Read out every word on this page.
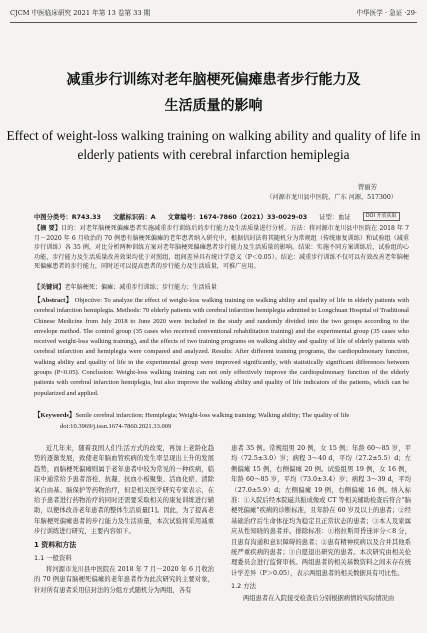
CJCM 中医临床研究 2021 年第 13 卷第 33 期	中华医学 · 急证 ·29·
减重步行训练对老年脑梗死偏瘫患者步行能力及
生活质量的影响
Effect of weight-loss walking training on walking ability and quality of life in
elderly patients with cerebral infarction hemiplegia
曾丽芳
（河源市龙川县中医院，广东 河源，517300）
中图分类号：R743.33 文献标识码：A 文章编号：1674-7860（2021）33-0029-03 证型：血证	DOI 开放获取

【摘 要】目的：对老年脑梗死偏瘫患者实施减重步行训练后的步行能力及生活质量进行分析。方法：将河源市龙川县中医院在 2018 年 7 月－2020 年 6 月收治的 70 例患有脑梗死偏瘫的老年患者纳入研究中，根据信封法将其随机分为常规组（传统康复训练）和试验组（减重步行训练）各 35 例，对比分析两种训练方案对老年脑梗死偏瘫患者步行能力及生活质量的影响。结果：实施不同方案训练后，试验组的心功能、步行能力及生活质量改善效果均优于对照组，组间差异具有统计学意义（P＜0.05）。结论：减重步行训练不仅可以有效改善老年脑梗死偏瘫患者的步行能力，同时还可以提高患者的步行能力及生活质量，可推广应用。

【关键词】老年脑梗死；偏瘫；减重步行训练；步行能力；生活质量

【Abstract】 Objective: To analyze the effect of weight-loss walking training on walking ability and quality of life in elderly patients with cerebral infarction hemiplegia. Methods: 70 elderly patients with cerebral infarction hemiplegia admitted to Longchuan Hospital of Traditional Chinese Medicine from July 2018 to June 2020 were included in the study and randomly divided into the two groups according to the envelope method. The control group (35 cases who received conventional rehabilitation training) and the experimental group (35 cases who received weight-loss walking training), and the effects of two training programs on walking ability and quality of life of elderly patients with cerebral infarction and hemiplegia were compared and analyzed. Results: After different training programs, the cardiopulmonary function, walking ability and quality of life in the experimental group were improved significantly, with statistically significant differences between groups (P<0.05). Conclusion: Weight-loss walking training can not only effectively improve the cardiopulmonary function of the elderly patients with cerebral infarction hemiplegia, but also improve the walking ability and quality of life indicators of the patients, which can be popularized and applied.

【Keywords】Senile cerebral infarction; Hemiplegia; Weight-loss walking training; Walking ability; The quality of life
doi:10.3969/j.issn.1674-7860.2021.33.009

近几年来，随着我国人们生活方式的改变，再加上老龄化趋势的逐渐发展，致使老年脑血管疾病的发生率呈现出上升的发展趋势，而脑梗死偏瘫则属于老年患者中较为常见的一种疾病，临床中通常给予患者溶栓、抗凝、抗血小板聚集、活血化瘀、清除氧自由基、脑保护等药物治疗，但是相关医学研究专家表示，在给予患者进行药物治疗的同时还需要采取相关的康复训练进行辅助，以便体改善老年患者的整体生活质量[1]。因此，为了提高老年脑梗死偏瘫患者的步行能力及生活质量，本次试验将采用减重步行训练进行研究，主要内容如下。

1 资料和方法
1.1 一般资料

将河源市龙川县中医院在 2018 年 7 月－2020 年 6 月收治的 70 例患有脑梗死偏瘫的老年患者作为此次研究的主要对象，针对所有患者采用信封法的分组方式随机分为两组，各有

患者 35 例。常规组男 20 例，女 15 例；年龄 60～85 岁，平均（72.5±3.0）岁；病程 3～40 d，平均（27.2±5.5）d；左侧偏瘫 15 例，右侧偏瘫 20 例。试验组男 19 例，女 16 例，年龄 60～85 岁，平均（73.0±3.4）岁；病程 3～39 d，平均（27.0±5.9）d；左侧偏瘫 19 例，右侧偏瘫 16 例。纳入标准：①入院后经本院磁共振成像或 CT 等相关辅助检查后符合“脑梗死偏瘫”疾病的诊断标准，且年龄在 60 岁及以上的患者；②经基础治疗后生命体征均为稳定且正常状态的患者；③本人及家属应从性知晓的患者并。排除标准：①格拉斯哥昏迷评分＜8 分，且患有沟通和意识障碍的患者；②患有精神疾病以及合并其他系统严重疾病的患者；③自愿退出研究的患者。本次研究由相关伦理委员会进行监督审核。两组患者的相关基数资料之间未存在统计学差异（P＞0.05），表示两组患者的相关数据具有可比性。

1.2 方法

两组患者在入院接受检查后分别根据病情的实际情况由
